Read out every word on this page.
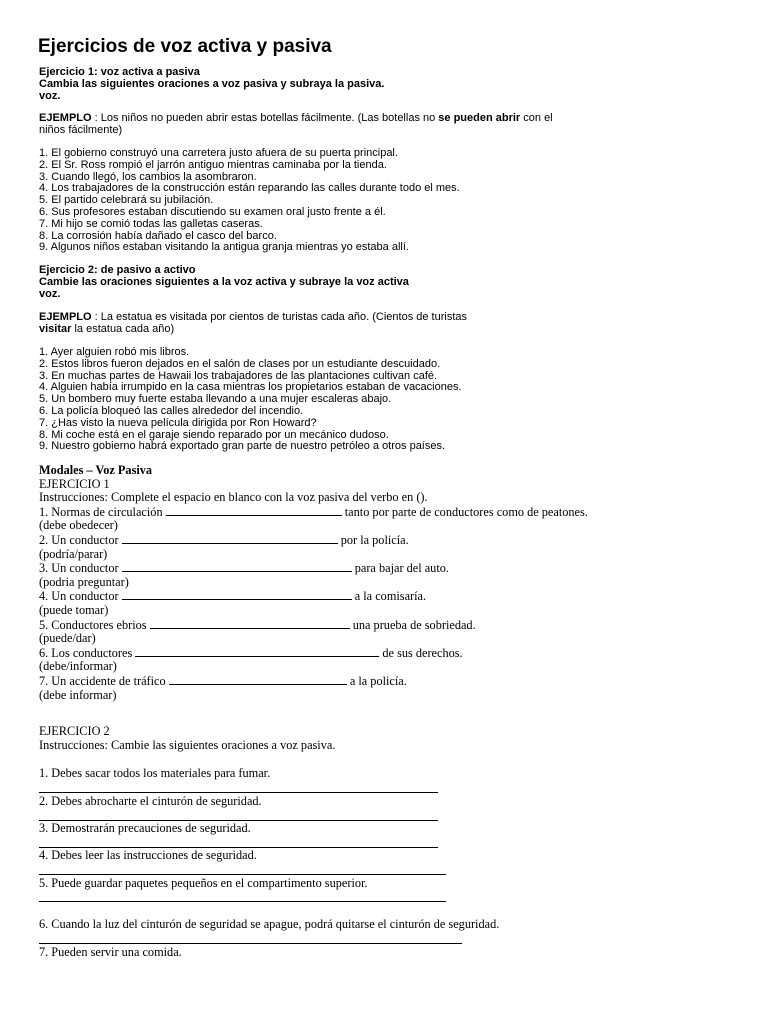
Ejercicios de voz activa y pasiva
Ejercicio 1: voz activa a pasiva
Cambia las siguientes oraciones a voz pasiva y subraya la pasiva.
voz.
EJEMPLO : Los niños no pueden abrir estas botellas fácilmente. (Las botellas no se pueden abrir con el
niños fácilmente)
1. El gobierno construyó una carretera justo afuera de su puerta principal.
2. El Sr. Ross rompió el jarrón antiguo mientras caminaba por la tienda.
3. Cuando llegó, los cambios la asombraron.
4. Los trabajadores de la construcción están reparando las calles durante todo el mes.
5. El partido celebrará su jubilación.
6. Sus profesores estaban discutiendo su examen oral justo frente a él.
7. Mi hijo se comió todas las galletas caseras.
8. La corrosión había dañado el casco del barco.
9. Algunos niños estaban visitando la antigua granja mientras yo estaba allí.
Ejercicio 2: de pasivo a activo
Cambie las oraciones siguientes a la voz activa y subraye la voz activa
voz.
EJEMPLO : La estatua es visitada por cientos de turistas cada año. (Cientos de turistas
visitar la estatua cada año)
1. Ayer alguien robó mis libros.
2. Estos libros fueron dejados en el salón de clases por un estudiante descuidado.
3. En muchas partes de Hawaii los trabajadores de las plantaciones cultivan café.
4. Alguien había irrumpido en la casa mientras los propietarios estaban de vacaciones.
5. Un bombero muy fuerte estaba llevando a una mujer escaleras abajo.
6. La policía bloqueó las calles alrededor del incendio.
7. ¿Has visto la nueva película dirigida por Ron Howard?
8. Mi coche está en el garaje siendo reparado por un mecánico dudoso.
9. Nuestro gobierno habrá exportado gran parte de nuestro petróleo a otros países.
Modales – Voz Pasiva
EJERCICIO 1
Instrucciones: Complete el espacio en blanco con la voz pasiva del verbo en ().
1. Normas de circulación	tanto por parte de conductores como de peatones.
(debe obedecer)
2. Un conductor	por la policía.
(podría/parar)
3. Un conductor	para bajar del auto.
(podria preguntar)
4. Un conductor	a la comisaría.
(puede tomar)
5. Conductores ebrios	una prueba de sobriedad.
(puede/dar)
6. Los conductores	de sus derechos.
(debe/informar)
7. Un accidente de tráfico	a la policía.
(debe informar)
EJERCICIO 2
Instrucciones: Cambie las siguientes oraciones a voz pasiva.
1. Debes sacar todos los materiales para fumar.
2. Debes abrocharte el cinturón de seguridad.
3. Demostrarán precauciones de seguridad.
4. Debes leer las instrucciones de seguridad.
5. Puede guardar paquetes pequeños en el compartimento superior.
6. Cuando la luz del cinturón de seguridad se apague, podrá quitarse el cinturón de seguridad.
7. Pueden servir una comida.
